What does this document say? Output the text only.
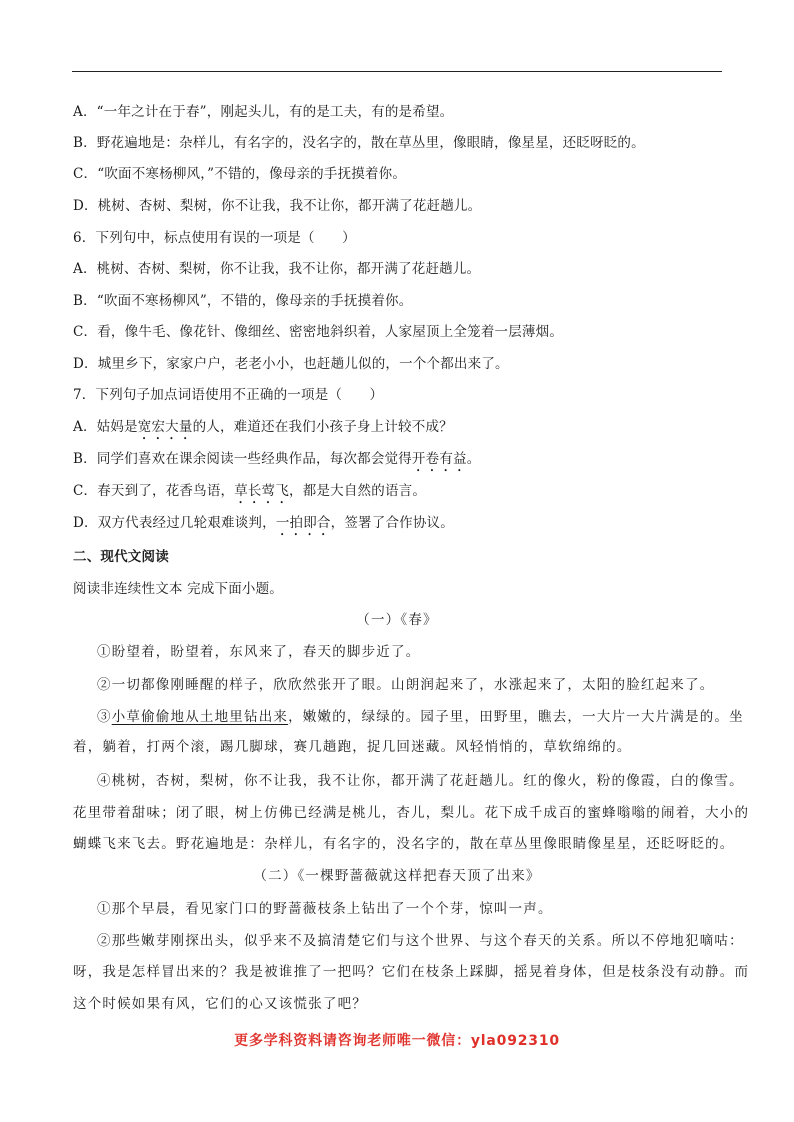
A．“一年之计在于春”，刚起头儿，有的是工夫，有的是希望。
B．野花遍地是：杂样儿，有名字的，没名字的，散在草丛里，像眼睛，像星星，还眨呀眨的。
C．“吹面不寒杨柳风，”不错的，像母亲的手抚摸着你。
D．桃树、杏树、梨树，你不让我，我不让你，都开满了花赶趟儿。
6．下列句中，标点使用有误的一项是（　　）
A．桃树、杏树、梨树，你不让我，我不让你，都开满了花赶趟儿。
B．“吹面不寒杨柳风”，不错的，像母亲的手抚摸着你。
C．看，像牛毛、像花针、像细丝、密密地斜织着，人家屋顶上全笼着一层薄烟。
D．城里乡下，家家户户，老老小小，也赶趟儿似的，一个个都出来了。
7．下列句子加点词语使用不正确的一项是（　　）
A．姑妈是宽宏大量的人，难道还在我们小孩子身上计较不成？
B．同学们喜欢在课余阅读一些经典作品，每次都会觉得开卷有益。
C．春天到了，花香鸟语，草长莺飞，都是大自然的语言。
D．双方代表经过几轮艰难谈判，一拍即合，签署了合作协议。
二、现代文阅读
阅读非连续性文本 完成下面小题。
（一）《春》
①盼望着，盼望着，东风来了，春天的脚步近了。
②一切都像刚睡醒的样子，欣欣然张开了眼。山朗润起来了，水涨起来了，太阳的脸红起来了。
③小草偷偷地从土地里钻出来，嫩嫩的，绿绿的。园子里，田野里，瞧去，一大片一大片满是的。坐
着，躺着，打两个滚，踢几脚球，赛几趟跑，捉几回迷藏。风轻悄悄的，草软绵绵的。
④桃树，杏树，梨树，你不让我，我不让你，都开满了花赶趟儿。红的像火，粉的像霞，白的像雪。
花里带着甜味；闭了眼，树上仿佛已经满是桃儿，杏儿，梨儿。花下成千成百的蜜蜂嗡嗡的闹着，大小的
蝴蝶飞来飞去。野花遍地是：杂样儿，有名字的，没名字的，散在草丛里像眼睛像星星，还眨呀眨的。
（二）《一棵野蔷薇就这样把春天顶了出来》
①那个早晨，看见家门口的野蔷薇枝条上钻出了一个个芽，惊叫一声。
②那些嫩芽刚探出头，似乎来不及搞清楚它们与这个世界、与这个春天的关系。所以不停地犯嘀咕：
呀，我是怎样冒出来的？我是被谁推了一把吗？它们在枝条上踩脚，摇晃着身体，但是枝条没有动静。而
这个时候如果有风，它们的心又该慌张了吧？
更多学科资料请咨询老师唯一微信：yla092310
